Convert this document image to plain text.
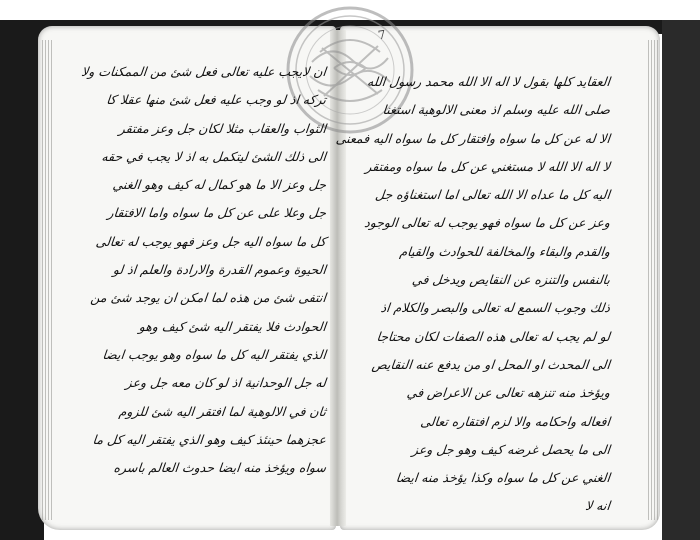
7
ان لايجب عليه تعالى فعل شئ من الممكنات ولا
تركه اذ لو وجب عليه فعل شئ منها عقلا كا
الثواب والعقاب مثلا لكان جل وعز مفتقر
الى ذلك الشئ ليتكمل به اذ لا يجب في حقه
جل وعز الا ما هو كمال له كيف وهو الغني
جل وعلا على عن كل ما سواه واما الافتقار
كل ما سواه اليه جل وعز فهو يوجب له تعالى
الحيوة وعموم القدرة والارادة والعلم اذ لو
انتفى شئ من هذه لما امكن ان يوجد شئ من
الحوادث فلا يفتقر اليه شئ كيف وهو
الذي يفتقر اليه كل ما سواه وهو يوجب ايضا
له جل الوحدانية اذ لو كان معه جل وعز
ثان في الالوهية لما افتقر اليه شئ للزوم
عجزهما حينئذ كيف وهو الذي يفتقر اليه كل ما
سواه ويؤخذ منه ايضا حدوث العالم باسره
العقايد كلها بقول لا اله الا الله محمد رسول الله
صلى الله عليه وسلم اذ معنى الالوهية استغنا
الا له عن كل ما سواه وافتقار كل ما سواه اليه فمعنى
لا اله الا الله لا مستغني عن كل ما سواه ومفتقر
اليه كل ما عداه الا الله تعالى اما استغناؤه جل
وعز عن كل ما سواه فهو يوجب له تعالى الوجود
والقدم والبقاء والمخالفة للحوادث والقيام
بالنفس والتنزه عن النقايص ويدخل في
ذلك وجوب السمع له تعالى والبصر والكلام اذ
لو لم يجب له تعالى هذه الصفات لكان محتاجا
الى المحدث او المحل او من يدفع عنه النقايص
ويؤخذ منه تنزهه تعالى عن الاعراض في
افعاله واحكامه والا لزم افتقاره تعالى
الى ما يحصل غرضه كيف وهو جل وعز
الغني عن كل ما سواه وكذا يؤخذ منه ايضا
انه لا
